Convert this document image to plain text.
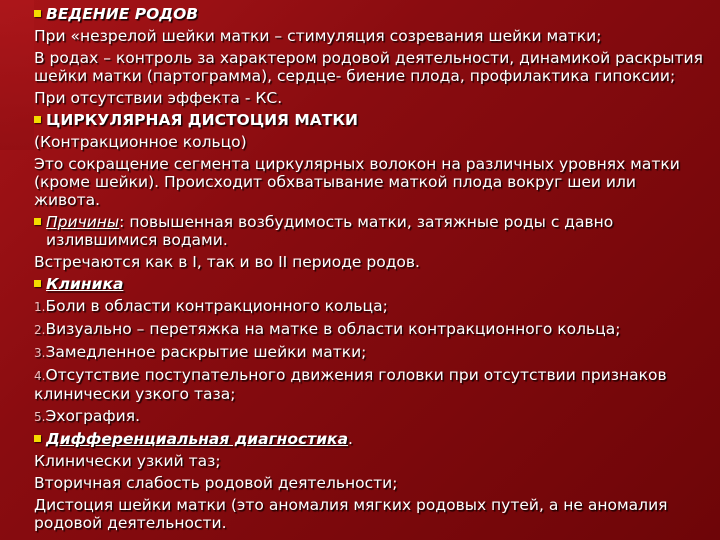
ВЕДЕНИЕ РОДОВ
При «незрелой шейки матки – стимуляция созревания шейки матки;
В родах – контроль за характером родовой деятельности, динамикой раскрытия шейки матки (партограмма), сердце- биение плода, профилактика гипоксии;
При отсутствии эффекта - КС.
ЦИРКУЛЯРНАЯ ДИСТОЦИЯ МАТКИ
(Контракционное кольцо)
Это сокращение сегмента циркулярных волокон на различных уровнях матки (кроме шейки). Происходит обхватывание маткой плода вокруг шеи или живота.
Причины: повышенная возбудимость матки, затяжные роды с давно излившимися водами.
Встречаются как в I, так и во II периоде родов.
Клиника
1.Боли в области контракционного кольца;
2.Визуально – перетяжка на матке в области контракционного кольца;
3.Замедленное раскрытие шейки матки;
4.Отсутствие поступательного движения головки при отсутствии признаков клинически узкого таза;
5.Эхография.
Дифференциальная диагностика.
Клинически узкий таз;
Вторичная слабость родовой деятельности;
Дистоция шейки матки (это аномалия мягких родовых путей, а не аномалия родовой деятельности.
